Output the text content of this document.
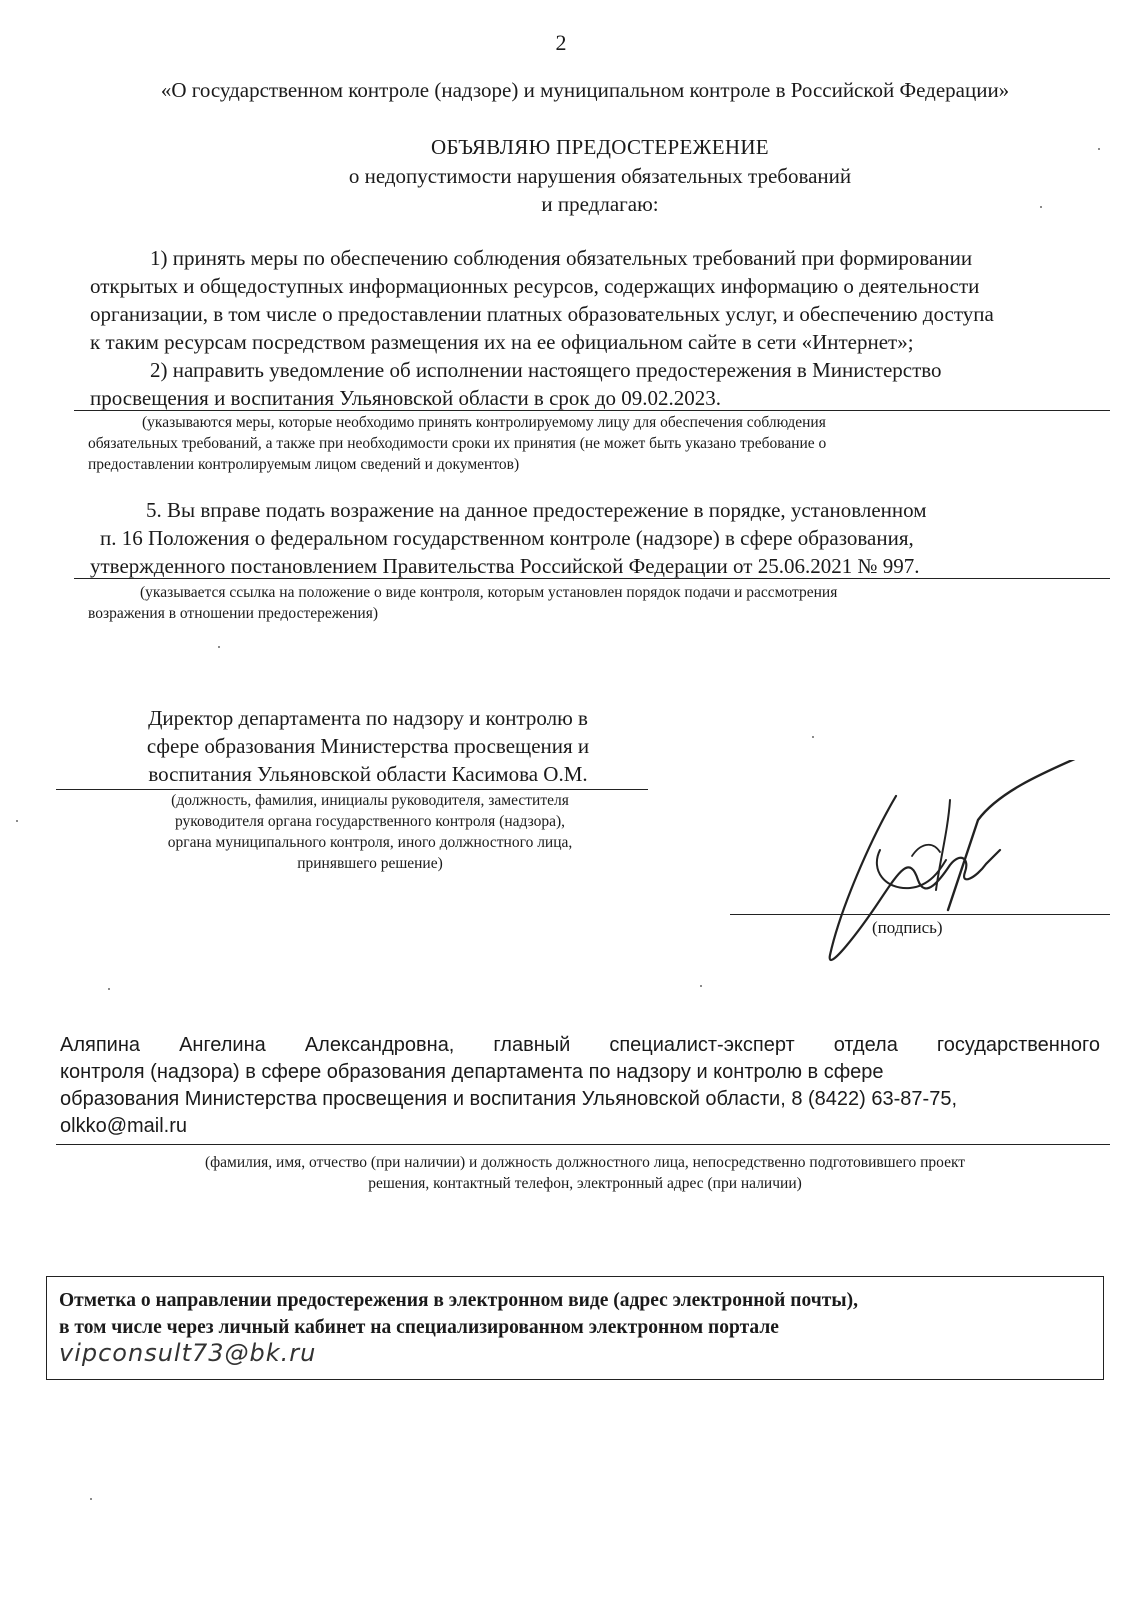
2
«О государственном контроле (надзоре) и муниципальном контроле в Российской Федерации»
ОБЪЯВЛЯЮ ПРЕДОСТЕРЕЖЕНИЕ
о недопустимости нарушения обязательных требований
и предлагаю:
1) принять меры по обеспечению соблюдения обязательных требований при формировании
открытых и общедоступных информационных ресурсов, содержащих информацию о деятельности
организации, в том числе о предоставлении платных образовательных услуг, и обеспечению доступа
к таким ресурсам посредством размещения их на ее официальном сайте в сети «Интернет»;
2) направить уведомление об исполнении настоящего предостережения в Министерство
просвещения и воспитания Ульяновской области в срок до 09.02.2023.
(указываются меры, которые необходимо принять контролируемому лицу для обеспечения соблюдения
обязательных требований, а также при необходимости сроки их принятия (не может быть указано требование о
предоставлении контролируемым лицом сведений и документов)
5. Вы вправе подать возражение на данное предостережение в порядке, установленном
п. 16 Положения о федеральном государственном контроле (надзоре) в сфере образования,
утвержденного постановлением Правительства Российской Федерации от 25.06.2021 № 997.
(указывается ссылка на положение о виде контроля, которым установлен порядок подачи и рассмотрения
возражения в отношении предостережения)
Директор департамента по надзору и контролю в
сфере образования Министерства просвещения и
воспитания Ульяновской области Касимова О.М.
(должность, фамилия, инициалы руководителя, заместителя
руководителя органа государственного контроля (надзора),
органа муниципального контроля, иного должностного лица,
принявшего решение)
(подпись)
Аляпина Ангелина Александровна, главный специалист-эксперт отдела государственного
контроля (надзора) в сфере образования департамента по надзору и контролю в сфере
образования Министерства просвещения и воспитания Ульяновской области, 8 (8422) 63-87-75,
olkko@mail.ru
(фамилия, имя, отчество (при наличии) и должность должностного лица, непосредственно подготовившего проект
решения, контактный телефон, электронный адрес (при наличии)
Отметка о направлении предостережения в электронном виде (адрес электронной почты),
в том числе через личный кабинет на специализированном электронном портале
vipconsult73@bk.ru
